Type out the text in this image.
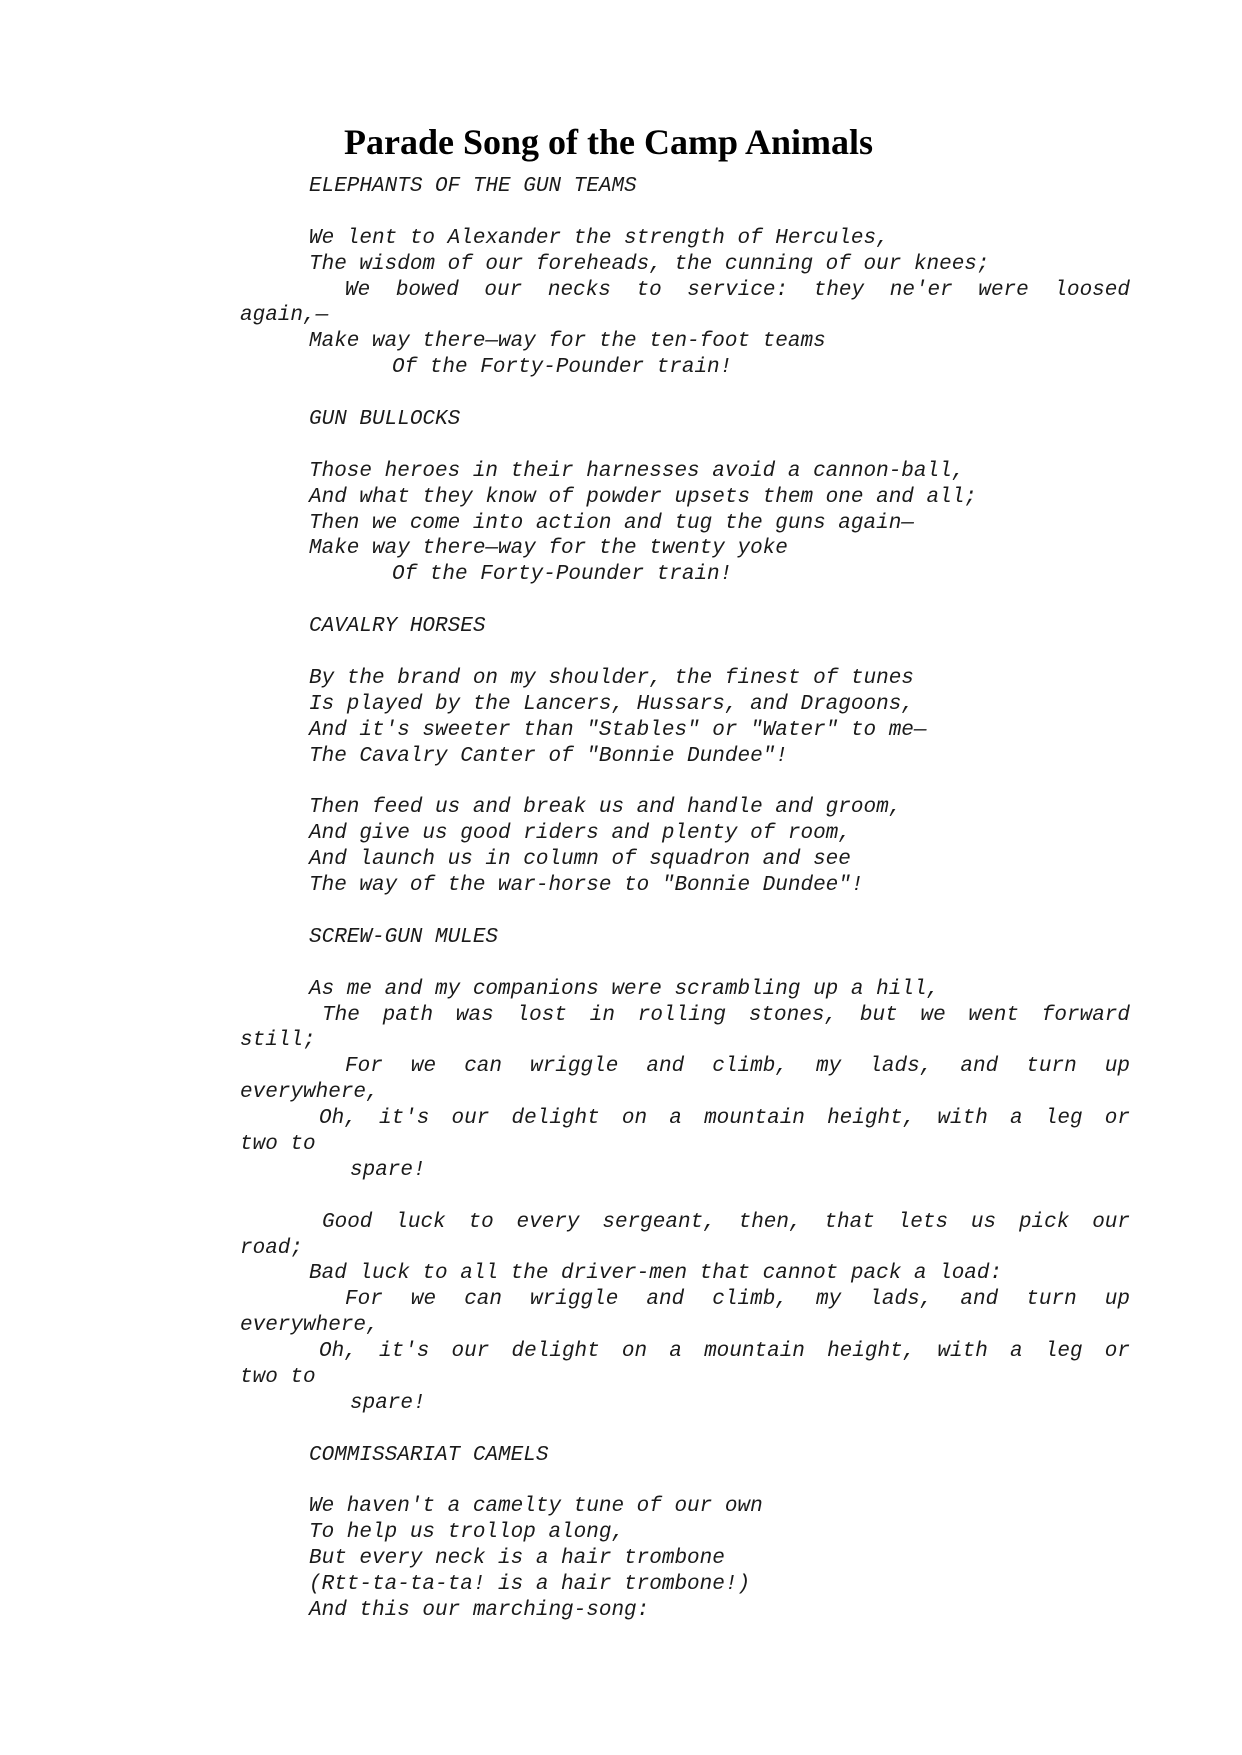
Parade Song of the Camp Animals
ELEPHANTS OF THE GUN TEAMS
We lent to Alexander the strength of Hercules,
The wisdom of our foreheads, the cunning of our knees;
We bowed our necks to service: they ne'er were loosed
again,—
Make way there—way for the ten-foot teams
Of the Forty-Pounder train!
GUN BULLOCKS
Those heroes in their harnesses avoid a cannon-ball,
And what they know of powder upsets them one and all;
Then we come into action and tug the guns again—
Make way there—way for the twenty yoke
Of the Forty-Pounder train!
CAVALRY HORSES
By the brand on my shoulder, the finest of tunes
Is played by the Lancers, Hussars, and Dragoons,
And it's sweeter than "Stables" or "Water" to me—
The Cavalry Canter of "Bonnie Dundee"!
Then feed us and break us and handle and groom,
And give us good riders and plenty of room,
And launch us in column of squadron and see
The way of the war-horse to "Bonnie Dundee"!
SCREW-GUN MULES
As me and my companions were scrambling up a hill,
The path was lost in rolling stones, but we went forward
still;
For we can wriggle and climb, my lads, and turn up
everywhere,
Oh, it's our delight on a mountain height, with a leg or
two to
spare!
Good luck to every sergeant, then, that lets us pick our
road;
Bad luck to all the driver-men that cannot pack a load:
For we can wriggle and climb, my lads, and turn up
everywhere,
Oh, it's our delight on a mountain height, with a leg or
two to
spare!
COMMISSARIAT CAMELS
We haven't a camelty tune of our own
To help us trollop along,
But every neck is a hair trombone
(Rtt-ta-ta-ta! is a hair trombone!)
And this our marching-song:
